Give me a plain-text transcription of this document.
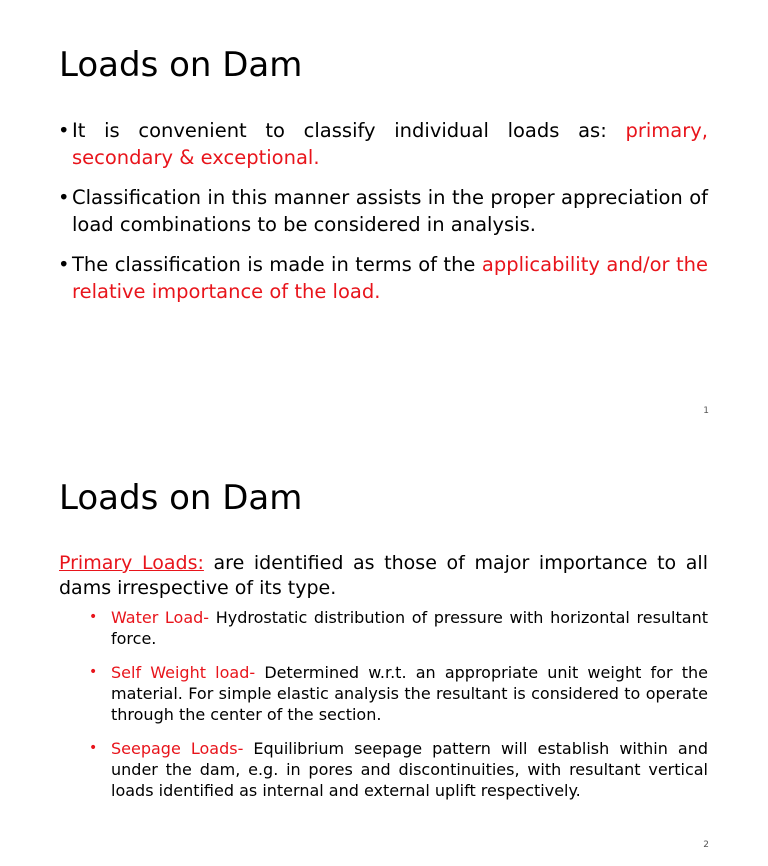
Loads on Dam
• It is convenient to classify individual loads as: primary, secondary & exceptional.
• Classification in this manner assists in the proper appreciation of load combinations to be considered in analysis.
• The classification is made in terms of the applicability and/or the relative importance of the load.
1
Loads on Dam

Primary Loads: are identified as those of major importance to all dams irrespective of its type.

• Water Load- Hydrostatic distribution of pressure with horizontal resultant force.
• Self Weight load- Determined w.r.t. an appropriate unit weight for the material. For simple elastic analysis the resultant is considered to operate through the center of the section.
• Seepage Loads- Equilibrium seepage pattern will establish within and under the dam, e.g. in pores and discontinuities, with resultant vertical loads identified as internal and external uplift respectively.
2
